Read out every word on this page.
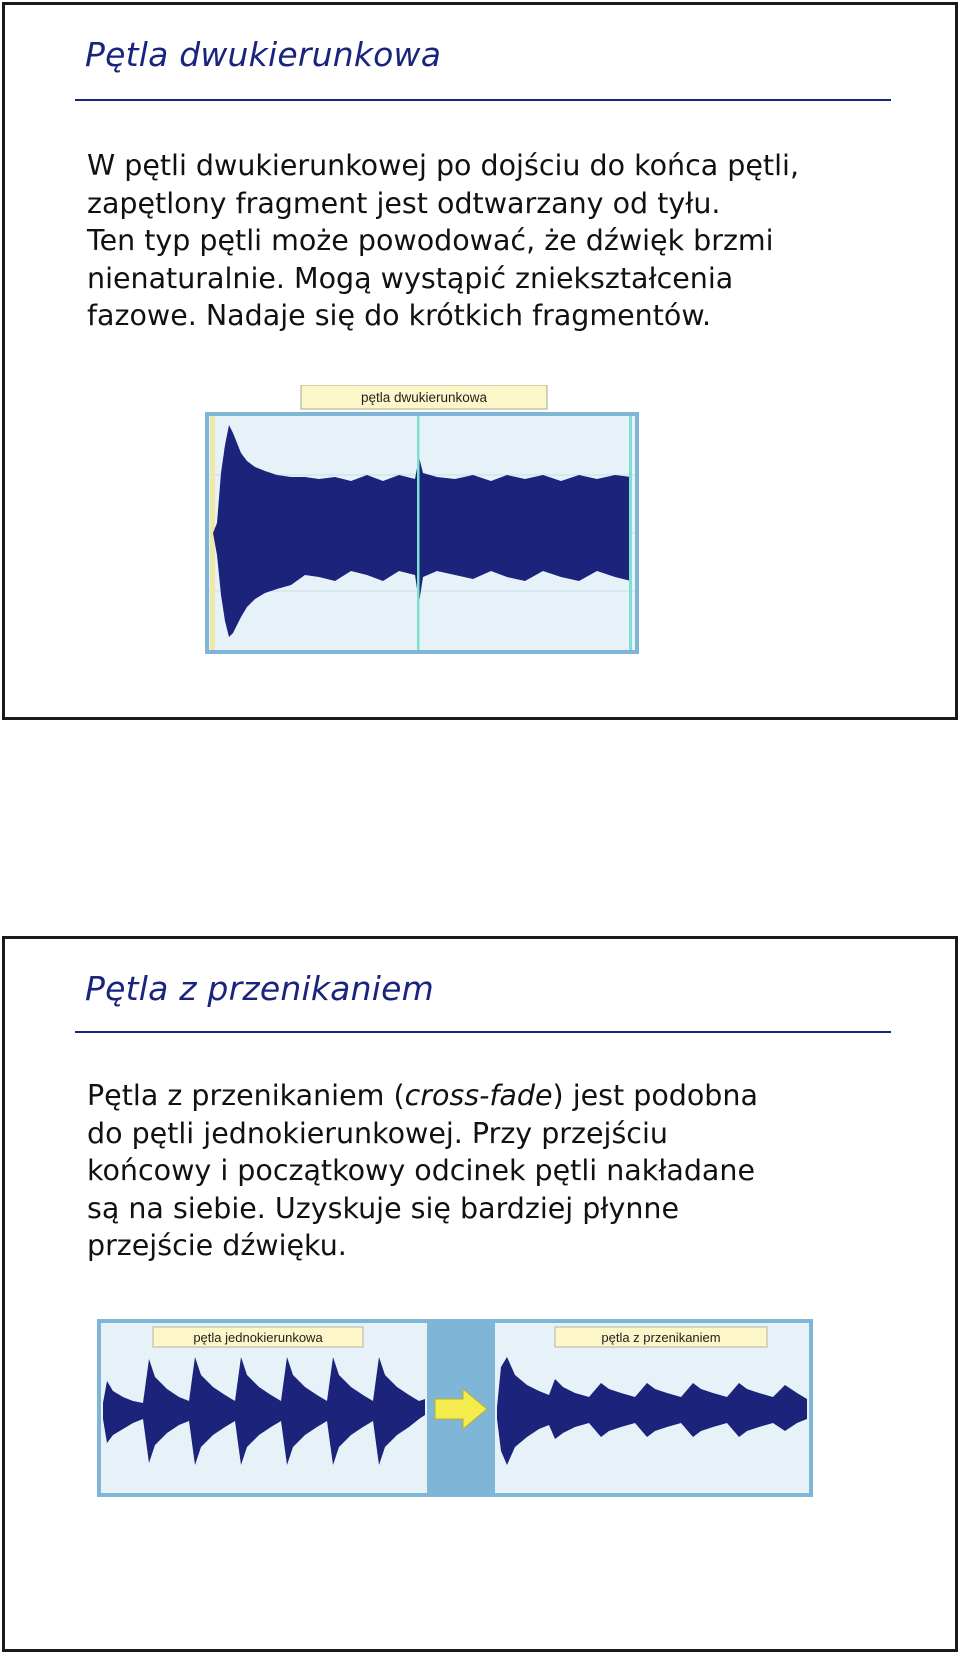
Pętla dwukierunkowa

W pętli dwukierunkowej po dojściu do końca pętli,
zapętlony fragment jest odtwarzany od tyłu.
Ten typ pętli może powodować, że dźwięk brzmi
nienaturalnie. Mogą wystąpić zniekształcenia
fazowe. Nadaje się do krótkich fragmentów.

pętla dwukierunkowa
Pętla z przenikaniem

Pętla z przenikaniem (cross-fade) jest podobna
do pętli jednokierunkowej. Przy przejściu
końcowy i początkowy odcinek pętli nakładane
są na siebie. Uzyskuje się bardziej płynne
przejście dźwięku.

pętla jednokierunkowa	pętla z przenikaniem
